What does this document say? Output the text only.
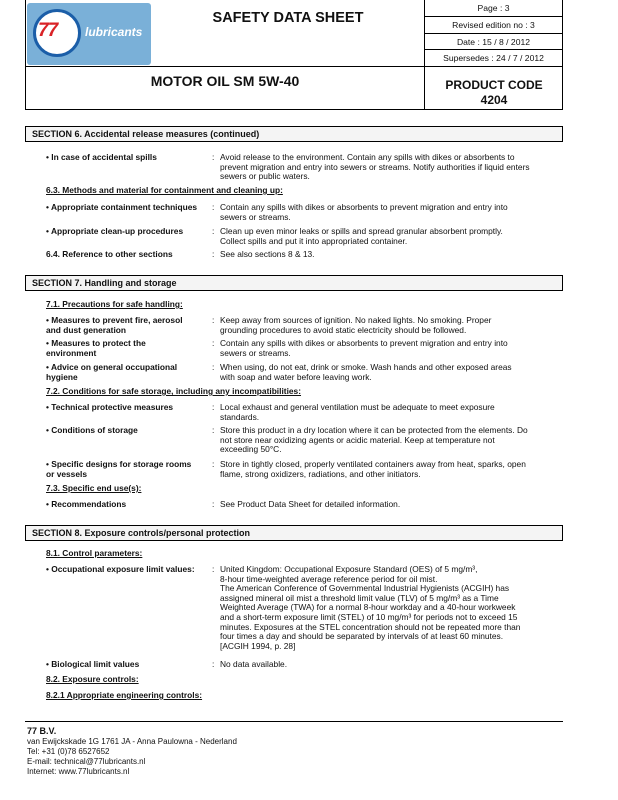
77 lubricants
SAFETY DATA SHEET
Page : 3
Revised edition no : 3
Date : 15 / 8 / 2012
Supersedes : 24 / 7 / 2012
MOTOR OIL SM 5W-40	PRODUCT CODE
4204
SECTION 6. Accidental release measures (continued)
• In case of accidental spills	: Avoid release to the environment. Contain any spills with dikes or absorbents to
prevent migration and entry into sewers or streams. Notify authorities if liquid enters
sewers or public waters.
6.3. Methods and material for containment and cleaning up:
• Appropriate containment techniques	: Contain any spills with dikes or absorbents to prevent migration and entry into
sewers or streams.
• Appropriate clean-up procedures	: Clean up even minor leaks or spills and spread granular absorbent promptly.
Collect spills and put it into appropriated container.
6.4. Reference to other sections	: See also sections 8 & 13.
SECTION 7. Handling and storage
7.1. Precautions for safe handling:
• Measures to prevent fire, aerosol
and dust generation
: Keep away from sources of ignition. No naked lights. No smoking. Proper
grounding procedures to avoid static electricity should be followed.
• Measures to protect the
environment
: Contain any spills with dikes or absorbents to prevent migration and entry into
sewers or streams.
• Advice on general occupational
hygiene
: When using, do not eat, drink or smoke. Wash hands and other exposed areas
with soap and water before leaving work.
7.2. Conditions for safe storage, including any incompatibilities:
• Technical protective measures	: Local exhaust and general ventilation must be adequate to meet exposure
standards.
• Conditions of storage	: Store this product in a dry location where it can be protected from the elements. Do
not store near oxidizing agents or acidic material. Keep at temperature not
exceeding 50°C.
• Specific designs for storage rooms
or vessels
: Store in tightly closed, properly ventilated containers away from heat, sparks, open
flame, strong oxidizers, radiations, and other initiators.
7.3. Specific end use(s):
• Recommendations	: See Product Data Sheet for detailed information.
SECTION 8. Exposure controls/personal protection
8.1. Control parameters:
• Occupational exposure limit values:	: United Kingdom: Occupational Exposure Standard (OES) of 5 mg/m³,
8-hour time-weighted average reference period for oil mist.
The American Conference of Governmental Industrial Hygienists (ACGIH) has
assigned mineral oil mist a threshold limit value (TLV) of 5 mg/m³ as a Time
Weighted Average (TWA) for a normal 8-hour workday and a 40-hour workweek
and a short-term exposure limit (STEL) of 10 mg/m³ for periods not to exceed 15
minutes. Exposures at the STEL concentration should not be repeated more than
four times a day and should be separated by intervals of at least 60 minutes.
[ACGIH 1994, p. 28]
• Biological limit values	: No data available.
8.2. Exposure controls:
8.2.1 Appropriate engineering controls:
77 B.V.
van Ewijckskade 1G 1761 JA - Anna Paulowna - Nederland
Tel: +31 (0)78 6527652
E-mail: technical@77lubricants.nl
Internet: www.77lubricants.nl
